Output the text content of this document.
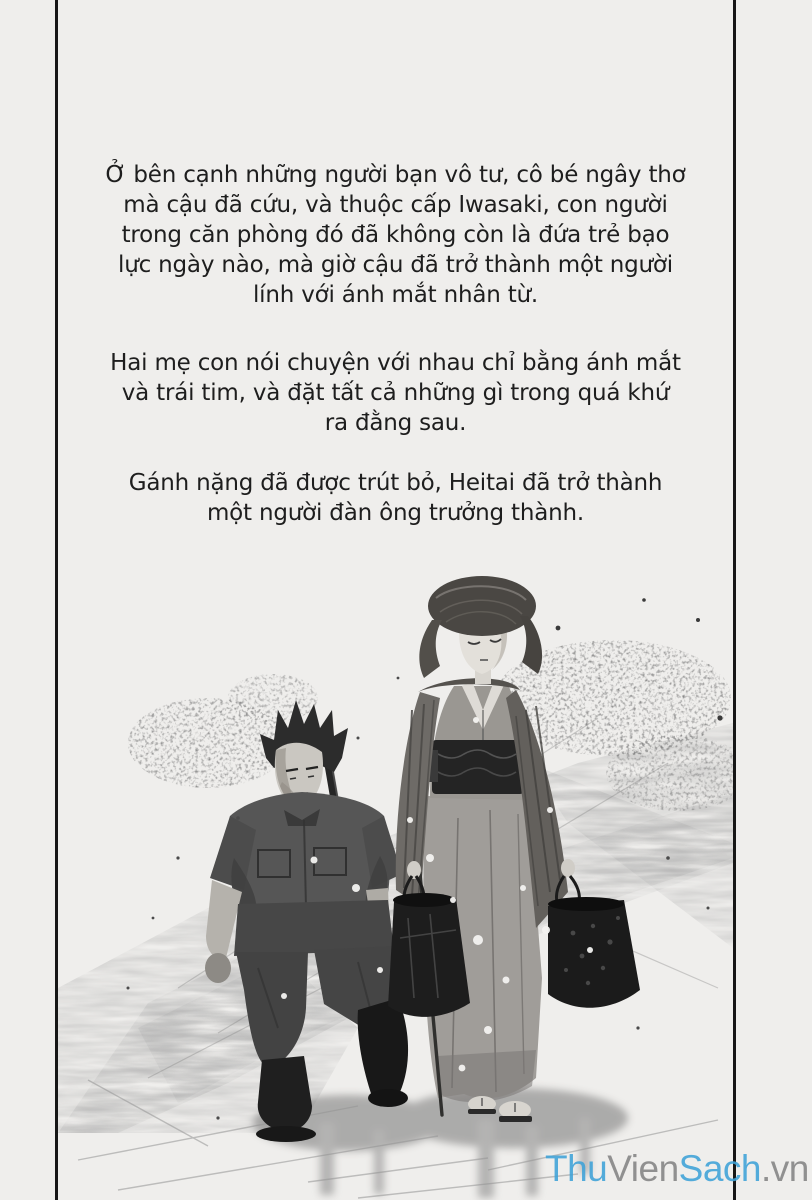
Ở bên cạnh những người bạn vô tư, cô bé ngây thơ
mà cậu đã cứu, và thuộc cấp Iwasaki, con người
trong căn phòng đó đã không còn là đứa trẻ bạo
lực ngày nào, mà giờ cậu đã trở thành một người
lính với ánh mắt nhân từ.

Hai mẹ con nói chuyện với nhau chỉ bằng ánh mắt
và trái tim, và đặt tất cả những gì trong quá khứ
ra đằng sau.

Gánh nặng đã được trút bỏ, Heitai đã trở thành
một người đàn ông trưởng thành.

ThuVienSach.vn
